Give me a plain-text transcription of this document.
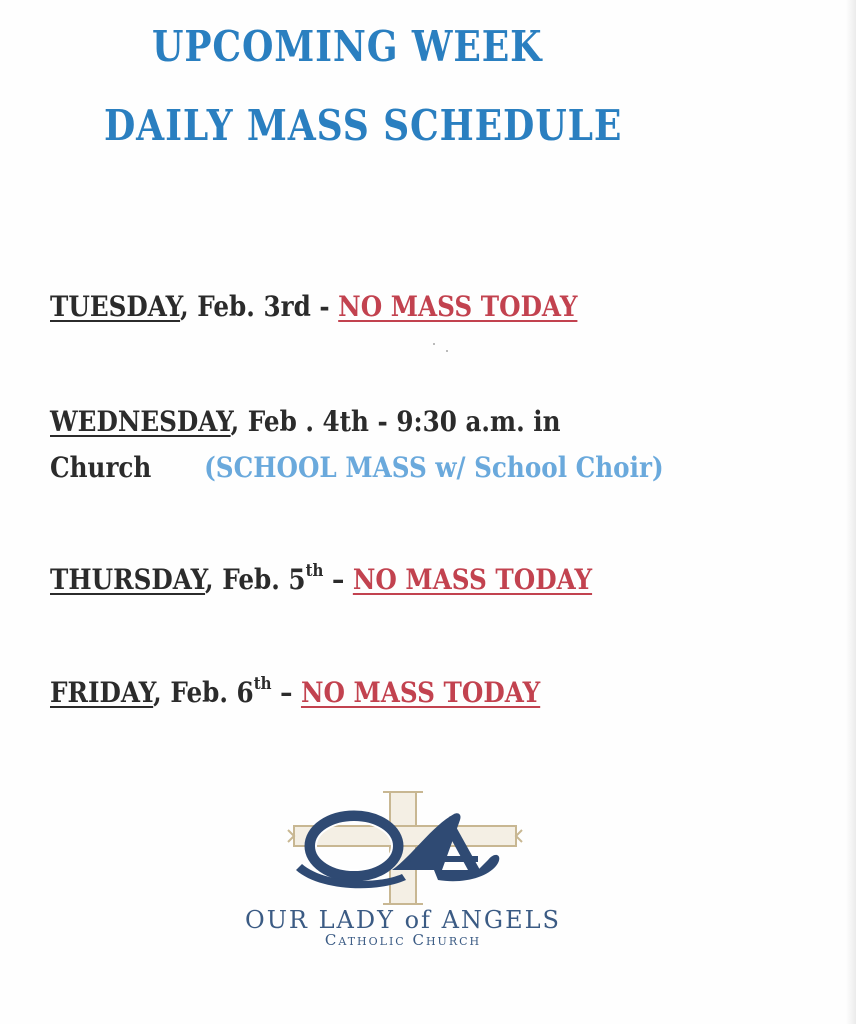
UPCOMING WEEK
DAILY MASS SCHEDULE
TUESDAY, Feb. 3rd - NO MASS TODAY
WEDNESDAY, Feb . 4th - 9:30 a.m. in
Church (SCHOOL MASS w/ School Choir)
THURSDAY, Feb. 5th – NO MASS TODAY
FRIDAY, Feb. 6th – NO MASS TODAY
OUR LADY of ANGELS
Catholic Church
